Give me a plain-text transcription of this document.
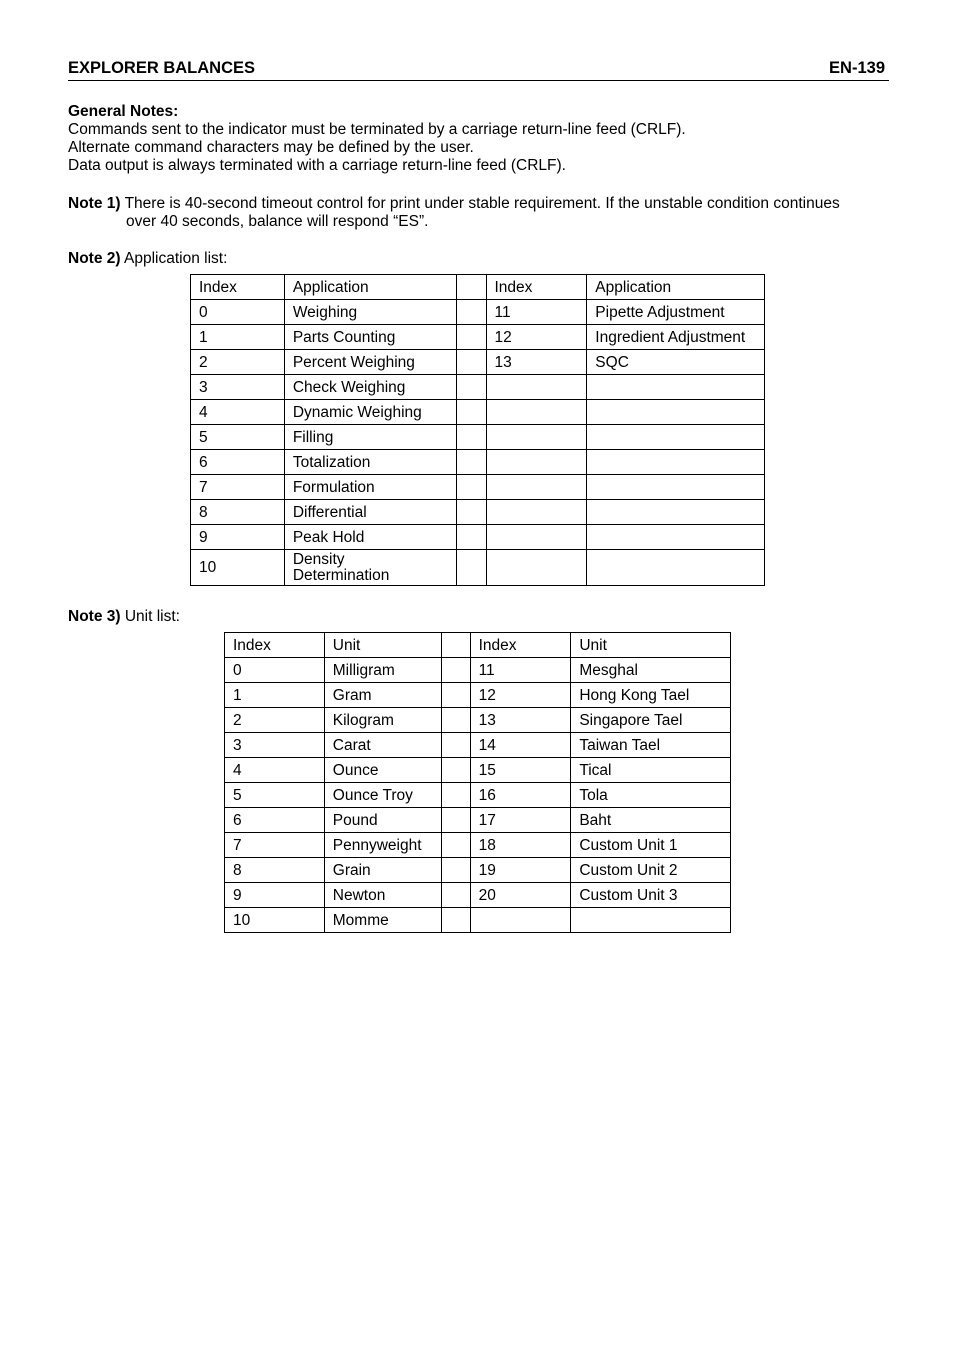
EXPLORER BALANCES	EN-139
General Notes:
Commands sent to the indicator must be terminated by a carriage return-line feed (CRLF).
Alternate command characters may be defined by the user.
Data output is always terminated with a carriage return-line feed (CRLF).
Note 1) There is 40-second timeout control for print under stable requirement. If the unstable condition continues
over 40 seconds, balance will respond “ES”.
Note 2) Application list:
Index	Application		Index	Application
0	Weighing		11	Pipette Adjustment
1	Parts Counting		12	Ingredient Adjustment
2	Percent Weighing		13	SQC
3	Check Weighing			
4	Dynamic Weighing			
5	Filling			
6	Totalization			
7	Formulation			
8	Differential			
9	Peak Hold			
10	Density
Determination			

Note 3) Unit list:
Index	Unit		Index	Unit
0	Milligram		11	Mesghal
1	Gram		12	Hong Kong Tael
2	Kilogram		13	Singapore Tael
3	Carat		14	Taiwan Tael
4	Ounce		15	Tical
5	Ounce Troy		16	Tola
6	Pound		17	Baht
7	Pennyweight		18	Custom Unit 1
8	Grain		19	Custom Unit 2
9	Newton		20	Custom Unit 3
10	Momme			
